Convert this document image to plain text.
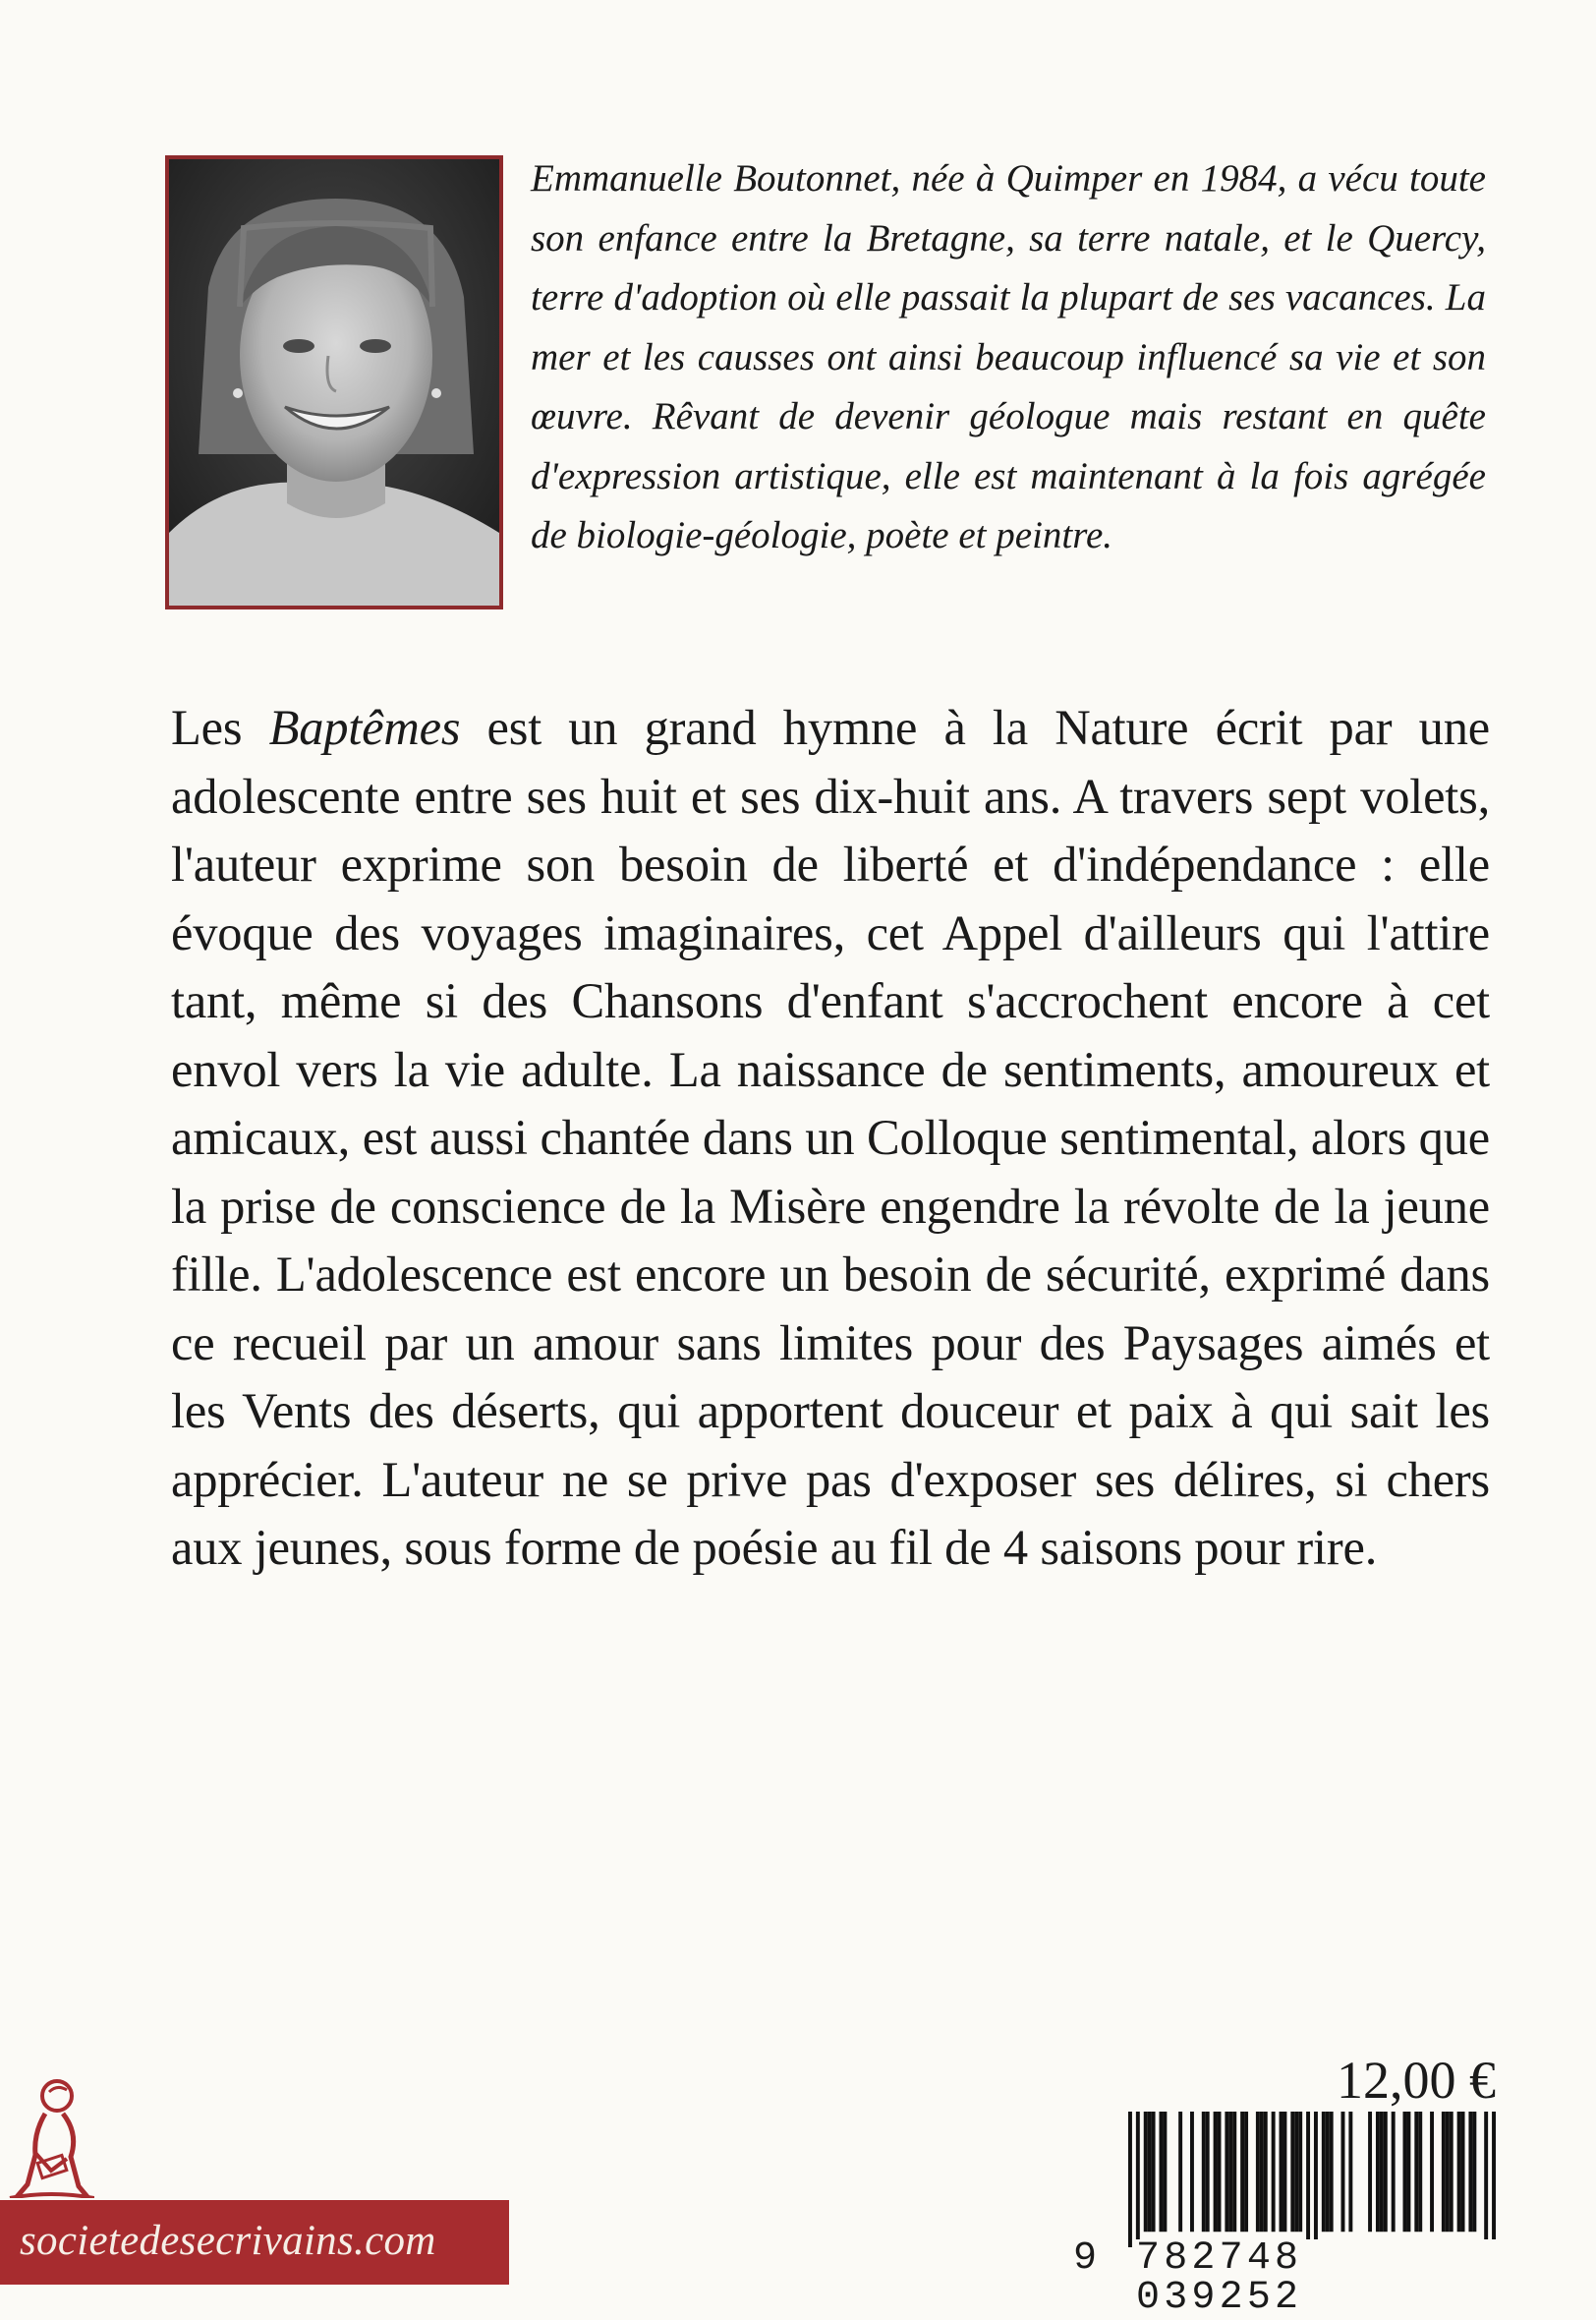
Emmanuelle Boutonnet, née à Quimper en 1984, a vécu toute son enfance entre la Bretagne, sa terre natale, et le Quercy, terre d'adoption où elle passait la plupart de ses vacances. La mer et les causses ont ainsi beaucoup influencé sa vie et son œuvre. Rêvant de devenir géologue mais restant en quête d'expression artistique, elle est maintenant à la fois agrégée de biologie-géologie, poète et peintre.

Les Baptêmes est un grand hymne à la Nature écrit par une adolescente entre ses huit et ses dix-huit ans. A travers sept volets, l'auteur exprime son besoin de liberté et d'indépendance : elle évoque des voyages imaginaires, cet Appel d'ailleurs qui l'attire tant, même si des Chansons d'enfant s'accrochent encore à cet envol vers la vie adulte. La naissance de sentiments, amoureux et amicaux, est aussi chantée dans un Colloque sentimental, alors que la prise de conscience de la Misère engendre la révolte de la jeune fille. L'adolescence est encore un besoin de sécurité, exprimé dans ce recueil par un amour sans limites pour des Paysages aimés et les Vents des déserts, qui apportent douceur et paix à qui sait les apprécier. L'auteur ne se prive pas d'exposer ses délires, si chers aux jeunes, sous forme de poésie au fil de 4 saisons pour rire.

12,00 €
9 782748 039252
societedesecrivains.com
